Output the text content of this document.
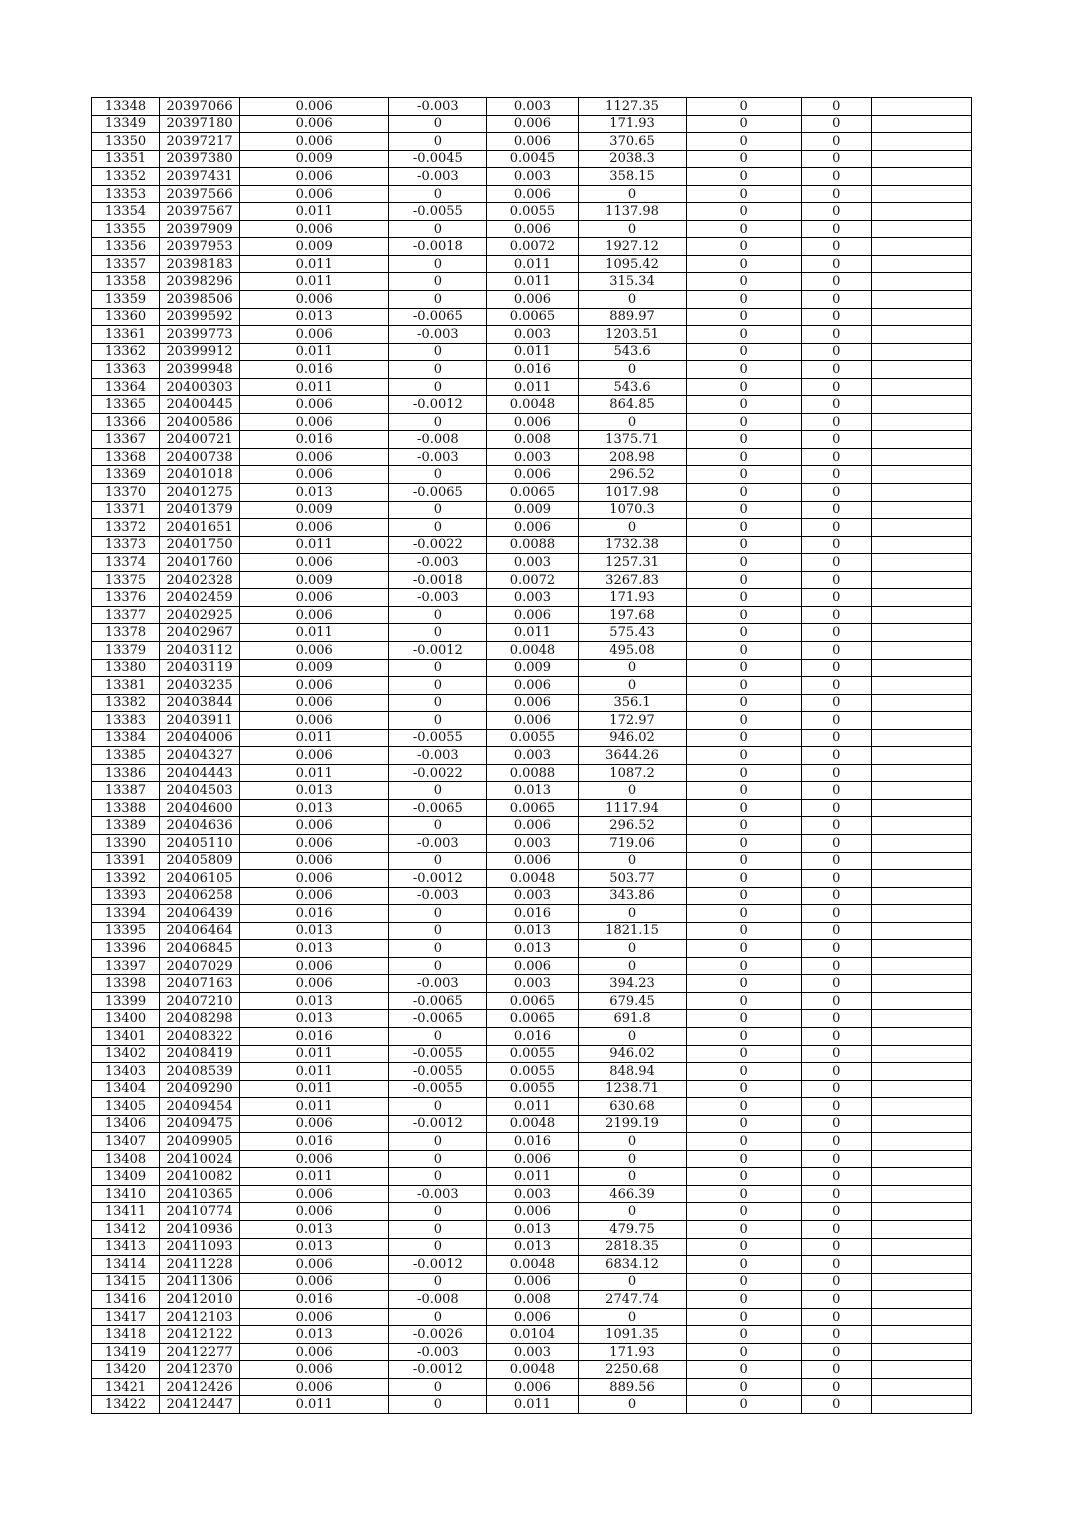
13348	20397066	0.006	-0.003	0.003	1127.35	0	0	
13349	20397180	0.006	0	0.006	171.93	0	0	
13350	20397217	0.006	0	0.006	370.65	0	0	
13351	20397380	0.009	-0.0045	0.0045	2038.3	0	0	
13352	20397431	0.006	-0.003	0.003	358.15	0	0	
13353	20397566	0.006	0	0.006	0	0	0	
13354	20397567	0.011	-0.0055	0.0055	1137.98	0	0	
13355	20397909	0.006	0	0.006	0	0	0	
13356	20397953	0.009	-0.0018	0.0072	1927.12	0	0	
13357	20398183	0.011	0	0.011	1095.42	0	0	
13358	20398296	0.011	0	0.011	315.34	0	0	
13359	20398506	0.006	0	0.006	0	0	0	
13360	20399592	0.013	-0.0065	0.0065	889.97	0	0	
13361	20399773	0.006	-0.003	0.003	1203.51	0	0	
13362	20399912	0.011	0	0.011	543.6	0	0	
13363	20399948	0.016	0	0.016	0	0	0	
13364	20400303	0.011	0	0.011	543.6	0	0	
13365	20400445	0.006	-0.0012	0.0048	864.85	0	0	
13366	20400586	0.006	0	0.006	0	0	0	
13367	20400721	0.016	-0.008	0.008	1375.71	0	0	
13368	20400738	0.006	-0.003	0.003	208.98	0	0	
13369	20401018	0.006	0	0.006	296.52	0	0	
13370	20401275	0.013	-0.0065	0.0065	1017.98	0	0	
13371	20401379	0.009	0	0.009	1070.3	0	0	
13372	20401651	0.006	0	0.006	0	0	0	
13373	20401750	0.011	-0.0022	0.0088	1732.38	0	0	
13374	20401760	0.006	-0.003	0.003	1257.31	0	0	
13375	20402328	0.009	-0.0018	0.0072	3267.83	0	0	
13376	20402459	0.006	-0.003	0.003	171.93	0	0	
13377	20402925	0.006	0	0.006	197.68	0	0	
13378	20402967	0.011	0	0.011	575.43	0	0	
13379	20403112	0.006	-0.0012	0.0048	495.08	0	0	
13380	20403119	0.009	0	0.009	0	0	0	
13381	20403235	0.006	0	0.006	0	0	0	
13382	20403844	0.006	0	0.006	356.1	0	0	
13383	20403911	0.006	0	0.006	172.97	0	0	
13384	20404006	0.011	-0.0055	0.0055	946.02	0	0	
13385	20404327	0.006	-0.003	0.003	3644.26	0	0	
13386	20404443	0.011	-0.0022	0.0088	1087.2	0	0	
13387	20404503	0.013	0	0.013	0	0	0	
13388	20404600	0.013	-0.0065	0.0065	1117.94	0	0	
13389	20404636	0.006	0	0.006	296.52	0	0	
13390	20405110	0.006	-0.003	0.003	719.06	0	0	
13391	20405809	0.006	0	0.006	0	0	0	
13392	20406105	0.006	-0.0012	0.0048	503.77	0	0	
13393	20406258	0.006	-0.003	0.003	343.86	0	0	
13394	20406439	0.016	0	0.016	0	0	0	
13395	20406464	0.013	0	0.013	1821.15	0	0	
13396	20406845	0.013	0	0.013	0	0	0	
13397	20407029	0.006	0	0.006	0	0	0	
13398	20407163	0.006	-0.003	0.003	394.23	0	0	
13399	20407210	0.013	-0.0065	0.0065	679.45	0	0	
13400	20408298	0.013	-0.0065	0.0065	691.8	0	0	
13401	20408322	0.016	0	0.016	0	0	0	
13402	20408419	0.011	-0.0055	0.0055	946.02	0	0	
13403	20408539	0.011	-0.0055	0.0055	848.94	0	0	
13404	20409290	0.011	-0.0055	0.0055	1238.71	0	0	
13405	20409454	0.011	0	0.011	630.68	0	0	
13406	20409475	0.006	-0.0012	0.0048	2199.19	0	0	
13407	20409905	0.016	0	0.016	0	0	0	
13408	20410024	0.006	0	0.006	0	0	0	
13409	20410082	0.011	0	0.011	0	0	0	
13410	20410365	0.006	-0.003	0.003	466.39	0	0	
13411	20410774	0.006	0	0.006	0	0	0	
13412	20410936	0.013	0	0.013	479.75	0	0	
13413	20411093	0.013	0	0.013	2818.35	0	0	
13414	20411228	0.006	-0.0012	0.0048	6834.12	0	0	
13415	20411306	0.006	0	0.006	0	0	0	
13416	20412010	0.016	-0.008	0.008	2747.74	0	0	
13417	20412103	0.006	0	0.006	0	0	0	
13418	20412122	0.013	-0.0026	0.0104	1091.35	0	0	
13419	20412277	0.006	-0.003	0.003	171.93	0	0	
13420	20412370	0.006	-0.0012	0.0048	2250.68	0	0	
13421	20412426	0.006	0	0.006	889.56	0	0	
13422	20412447	0.011	0	0.011	0	0	0	
